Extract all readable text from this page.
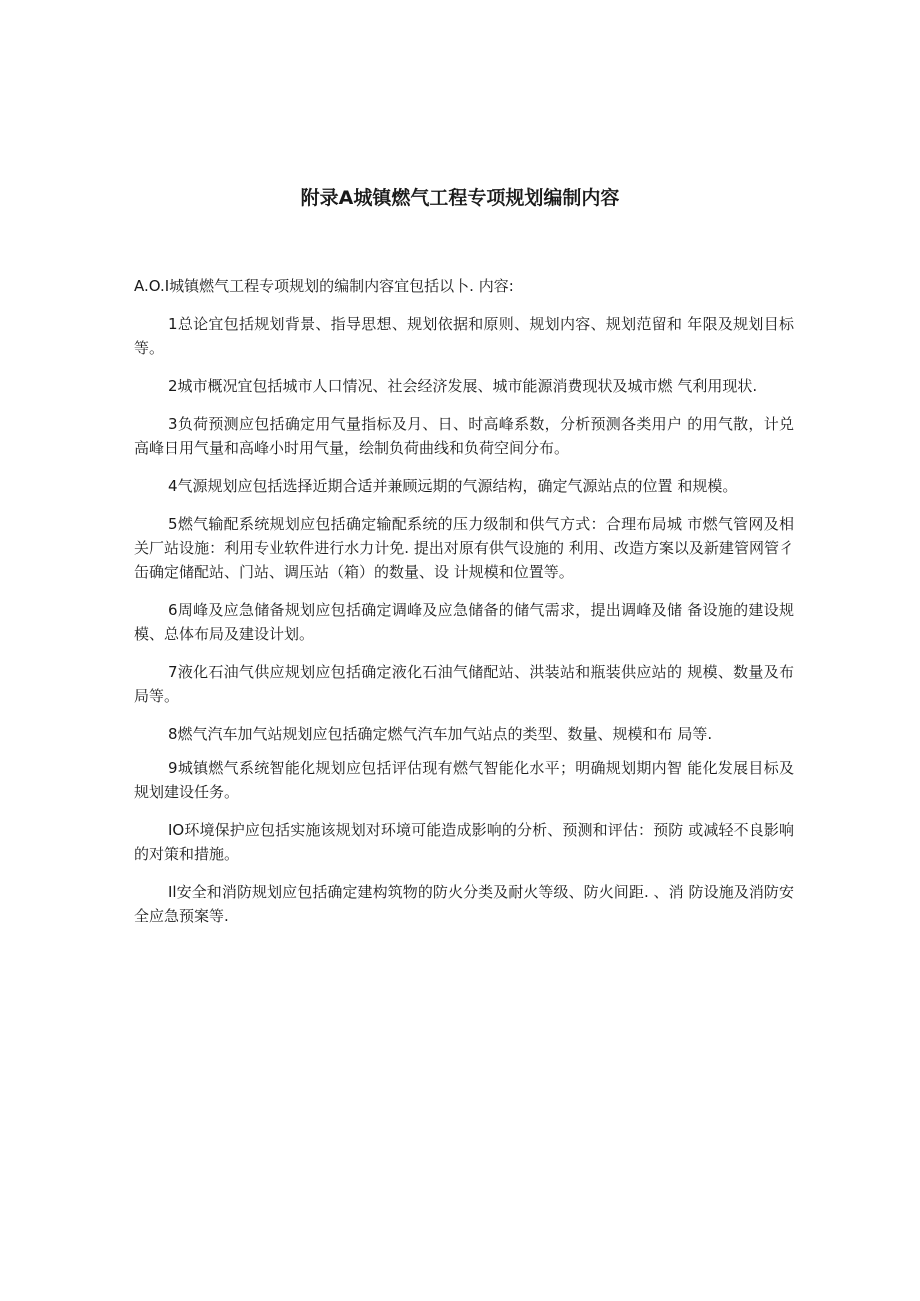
附录A城镇燃气工程专项规划编制内容
A.O.I城镇燃气工程专项规划的编制内容宜包括以卜. 内容:

1总论宜包括规划背景、指导思想、规划依据和原则、规划内容、规划范留和 年限及规划目标等。

2城市概况宜包括城市人口情况、社会经济发展、城市能源消费现状及城市燃 气利用现状.

3负荷预测应包括确定用气量指标及月、日、时高峰系数，分析预测各类用户 的用气散，计兑高峰日用气量和高峰小时用气量，绘制负荷曲线和负荷空间分布。

4气源规划应包括选择近期合适并兼顾远期的气源结构，确定气源站点的位置 和规模。

5燃气输配系统规划应包括确定输配系统的压力级制和供气方式：合理布局城 市燃气管网及相关厂站设施：利用专业软件进行水力计免. 提出对原有供气设施的 利用、改造方案以及新建管网管彳缶确定储配站、门站、调压站（箱）的数量、设 计规模和位置等。

6周峰及应急储备规划应包括确定调峰及应急储备的储气需求，提出调峰及储 备设施的建设规模、总体布局及建设计划。

7液化石油气供应规划应包括确定液化石油气储配站、洪装站和瓶装供应站的 规模、数量及布局等。

8燃气汽车加气站规划应包括确定燃气汽车加气站点的类型、数量、规模和布 局等.

9城镇燃气系统智能化规划应包括评估现有燃气智能化水平；明确规划期内智 能化发展目标及规划建设任务。

IO环境保护应包括实施该规划对环境可能造成影响的分析、预测和评估：预防 或减轻不良影响的对策和措施。

Il安全和消防规划应包括确定建构筑物的防火分类及耐火等级、防火间距. 、消 防设施及消防安全应急预案等.
